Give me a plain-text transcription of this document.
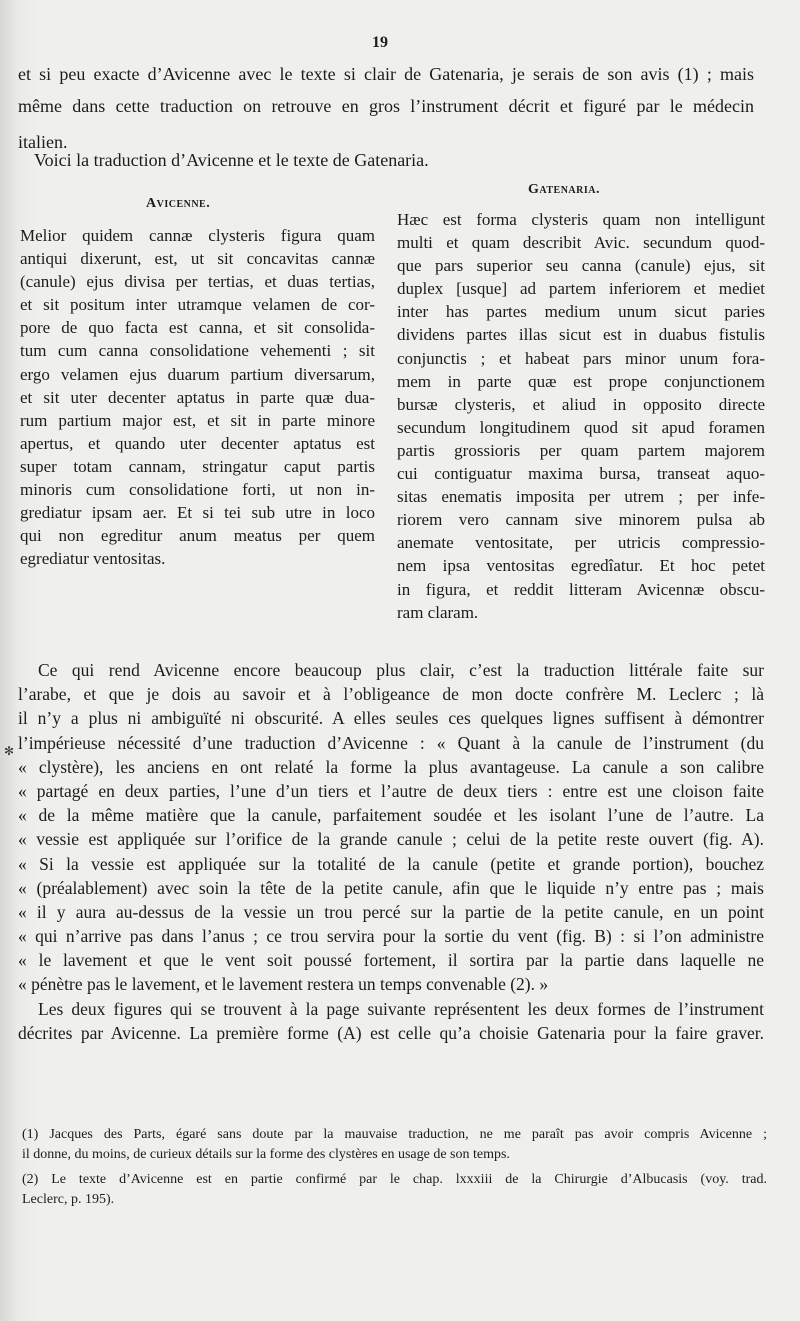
19
et si peu exacte d’Avicenne avec le texte si clair de Gatenaria, je serais de son avis (1) ; mais
même dans cette traduction on retrouve en gros l’instrument décrit et figuré par le médecin
italien.
Voici la traduction d’Avicenne et le texte de Gatenaria.
Avicenne.
Gatenaria.
Melior quidem cannæ clysteris figura quam
antiqui dixerunt, est, ut sit concavitas cannæ
(canule) ejus divisa per tertias, et duas tertias,
et sit positum inter utramque velamen de cor-
pore de quo facta est canna, et sit consolida-
tum cum canna consolidatione vehementi ; sit
ergo velamen ejus duarum partium diversarum,
et sit uter decenter aptatus in parte quæ dua-
rum partium major est, et sit in parte minore
apertus, et quando uter decenter aptatus est
super totam cannam, stringatur caput partis
minoris cum consolidatione forti, ut non in-
grediatur ipsam aer. Et si tei sub utre in loco
qui non egreditur anum meatus per quem
egrediatur ventositas.
Hæc est forma clysteris quam non intelligunt
multi et quam describit Avic. secundum quod-
que pars superior seu canna (canule) ejus, sit
duplex [usque] ad partem inferiorem et mediet
inter has partes medium unum sicut paries
dividens partes illas sicut est in duabus fistulis
conjunctis ; et habeat pars minor unum fora-
mem in parte quæ est prope conjunctionem
bursæ clysteris, et aliud in opposito directe
secundum longitudinem quod sit apud foramen
partis grossioris per quam partem majorem
cui contiguatur maxima bursa, transeat aquo-
sitas enematis imposita per utrem ; per infe-
riorem vero cannam sive minorem pulsa ab
anemate ventositate, per utricis compressio-
nem ipsa ventositas egredîatur. Et hoc petet
in figura, et reddit litteram Avicennæ obscu-
ram claram.
✻
Ce qui rend Avicenne encore beaucoup plus clair, c’est la traduction littérale faite sur
l’arabe, et que je dois au savoir et à l’obligeance de mon docte confrère M. Leclerc ; là
il n’y a plus ni ambiguïté ni obscurité. A elles seules ces quelques lignes suffisent à démontrer
l’impérieuse nécessité d’une traduction d’Avicenne : « Quant à la canule de l’instrument (du
« clystère), les anciens en ont relaté la forme la plus avantageuse. La canule a son calibre
« partagé en deux parties, l’une d’un tiers et l’autre de deux tiers : entre est une cloison faite
« de la même matière que la canule, parfaitement soudée et les isolant l’une de l’autre. La
« vessie est appliquée sur l’orifice de la grande canule ; celui de la petite reste ouvert (fig. A).
« Si la vessie est appliquée sur la totalité de la canule (petite et grande portion), bouchez
« (préalablement) avec soin la tête de la petite canule, afin que le liquide n’y entre pas ; mais
« il y aura au-dessus de la vessie un trou percé sur la partie de la petite canule, en un point
« qui n’arrive pas dans l’anus ; ce trou servira pour la sortie du vent (fig. B) : si l’on administre
« le lavement et que le vent soit poussé fortement, il sortira par la partie dans laquelle ne
« pénètre pas le lavement, et le lavement restera un temps convenable (2). »
Les deux figures qui se trouvent à la page suivante représentent les deux formes de l’instrument
décrites par Avicenne. La première forme (A) est celle qu’a choisie Gatenaria pour la faire graver.
(1) Jacques des Parts, égaré sans doute par la mauvaise traduction, ne me paraît pas avoir compris Avicenne ;
il donne, du moins, de curieux détails sur la forme des clystères en usage de son temps.
(2) Le texte d’Avicenne est en partie confirmé par le chap. lxxxiii de la Chirurgie d’Albucasis (voy. trad.
Leclerc, p. 195).
